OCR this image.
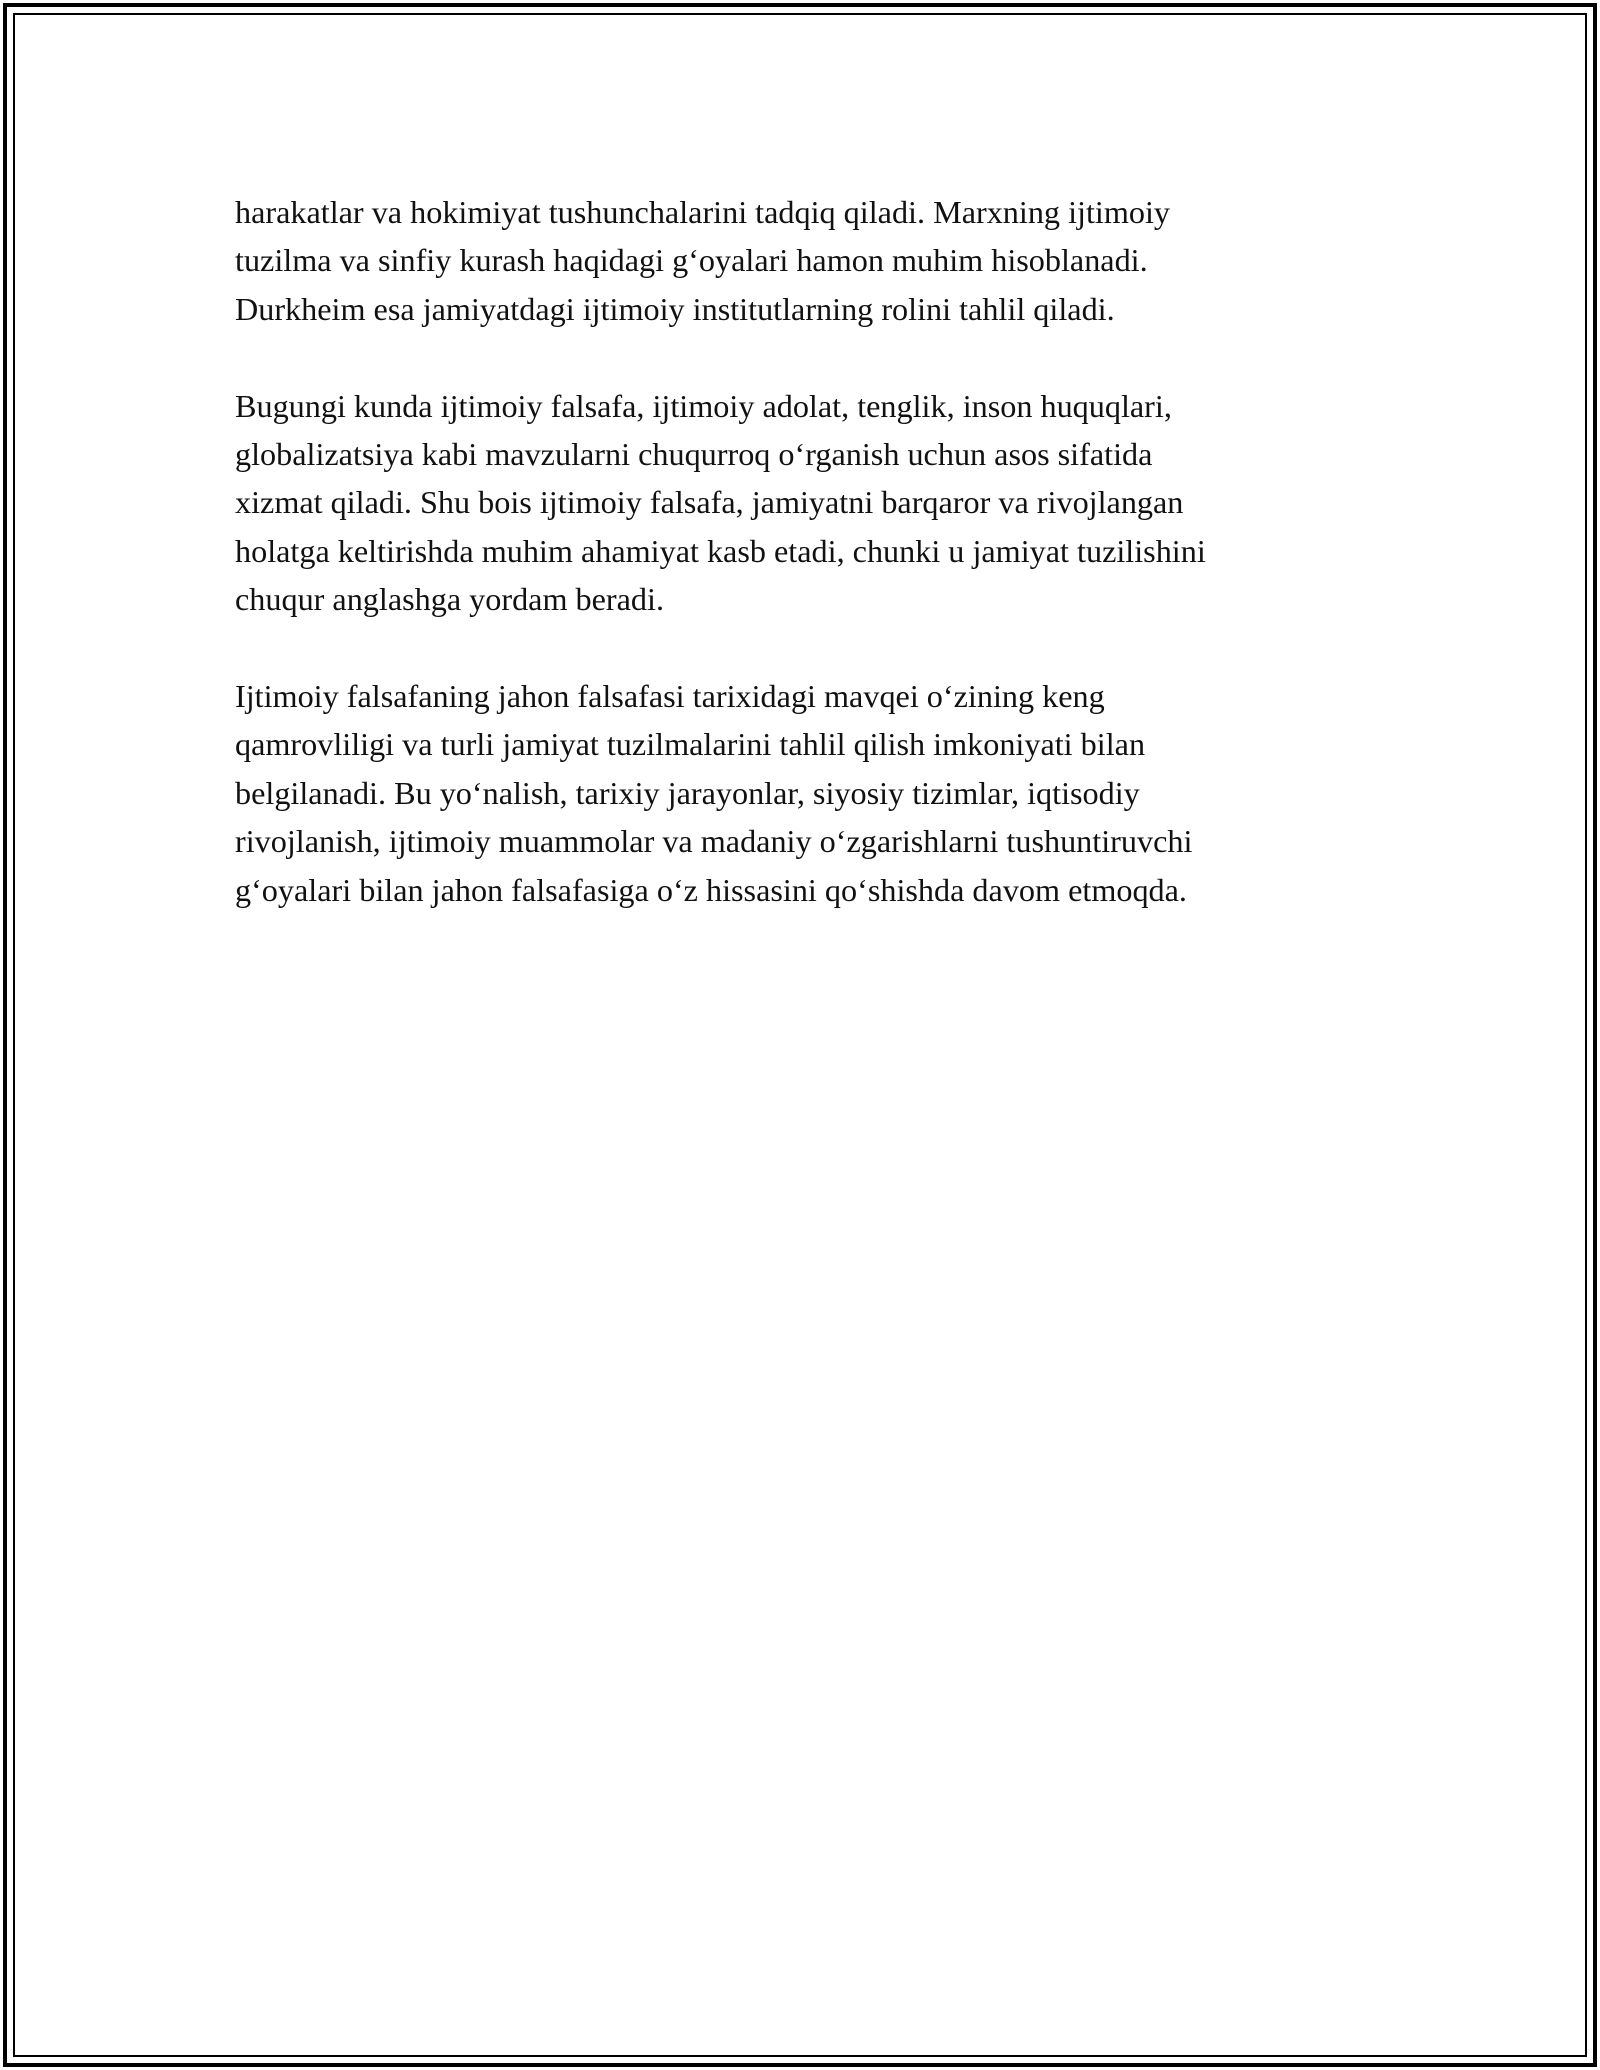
harakatlar va hokimiyat tushunchalarini tadqiq qiladi. Marxning ijtimoiy
tuzilma va sinfiy kurash haqidagi g‘oyalari hamon muhim hisoblanadi.
Durkheim esa jamiyatdagi ijtimoiy institutlarning rolini tahlil qiladi.

Bugungi kunda ijtimoiy falsafa, ijtimoiy adolat, tenglik, inson huquqlari,
globalizatsiya kabi mavzularni chuqurroq o‘rganish uchun asos sifatida
xizmat qiladi. Shu bois ijtimoiy falsafa, jamiyatni barqaror va rivojlangan
holatga keltirishda muhim ahamiyat kasb etadi, chunki u jamiyat tuzilishini
chuqur anglashga yordam beradi.

Ijtimoiy falsafaning jahon falsafasi tarixidagi mavqei o‘zining keng
qamrovliligi va turli jamiyat tuzilmalarini tahlil qilish imkoniyati bilan
belgilanadi. Bu yo‘nalish, tarixiy jarayonlar, siyosiy tizimlar, iqtisodiy
rivojlanish, ijtimoiy muammolar va madaniy o‘zgarishlarni tushuntiruvchi
g‘oyalari bilan jahon falsafasiga o‘z hissasini qo‘shishda davom etmoqda.
